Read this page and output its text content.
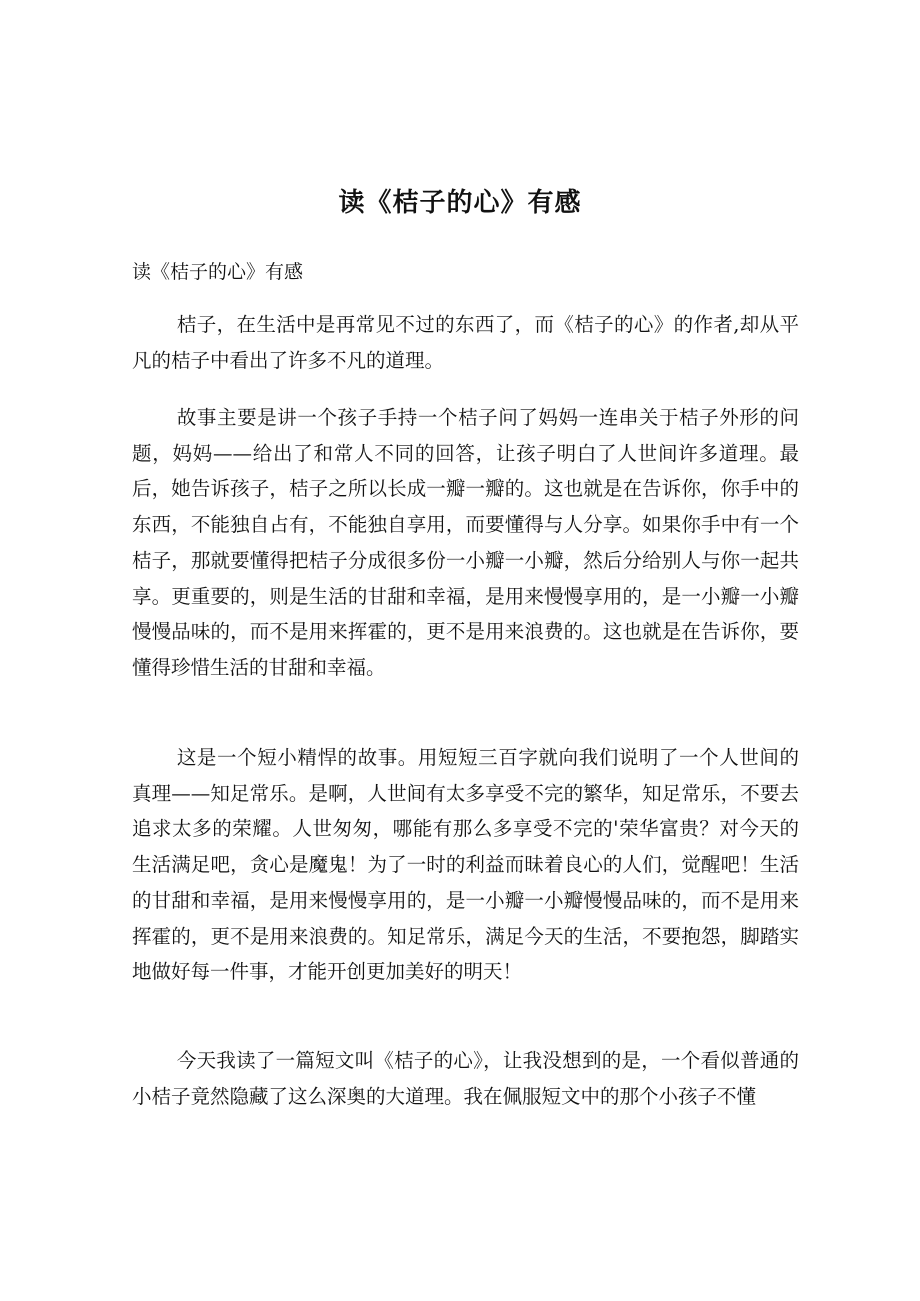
读《桔子的心》有感

读《桔子的心》有感

桔子，在生活中是再常见不过的东西了，而《桔子的心》的作者,却从平凡的桔子中看出了许多不凡的道理。

故事主要是讲一个孩子手持一个桔子问了妈妈一连串关于桔子外形的问题，妈妈——给出了和常人不同的回答，让孩子明白了人世间许多道理。最后，她告诉孩子，桔子之所以长成一瓣一瓣的。这也就是在告诉你，你手中的东西，不能独自占有，不能独自享用，而要懂得与人分享。如果你手中有一个桔子，那就要懂得把桔子分成很多份一小瓣一小瓣，然后分给别人与你一起共享。更重要的，则是生活的甘甜和幸福，是用来慢慢享用的，是一小瓣一小瓣慢慢品味的，而不是用来挥霍的，更不是用来浪费的。这也就是在告诉你，要懂得珍惜生活的甘甜和幸福。

这是一个短小精悍的故事。用短短三百字就向我们说明了一个人世间的真理——知足常乐。是啊，人世间有太多享受不完的繁华，知足常乐，不要去追求太多的荣耀。人世匆匆，哪能有那么多享受不完的'荣华富贵？对今天的生活满足吧，贪心是魔鬼！为了一时的利益而昧着良心的人们，觉醒吧！生活的甘甜和幸福，是用来慢慢享用的，是一小瓣一小瓣慢慢品味的，而不是用来挥霍的，更不是用来浪费的。知足常乐，满足今天的生活，不要抱怨，脚踏实地做好每一件事，才能开创更加美好的明天！

今天我读了一篇短文叫《桔子的心》，让我没想到的是，一个看似普通的小桔子竟然隐藏了这么深奥的大道理。我在佩服短文中的那个小孩子不懂
